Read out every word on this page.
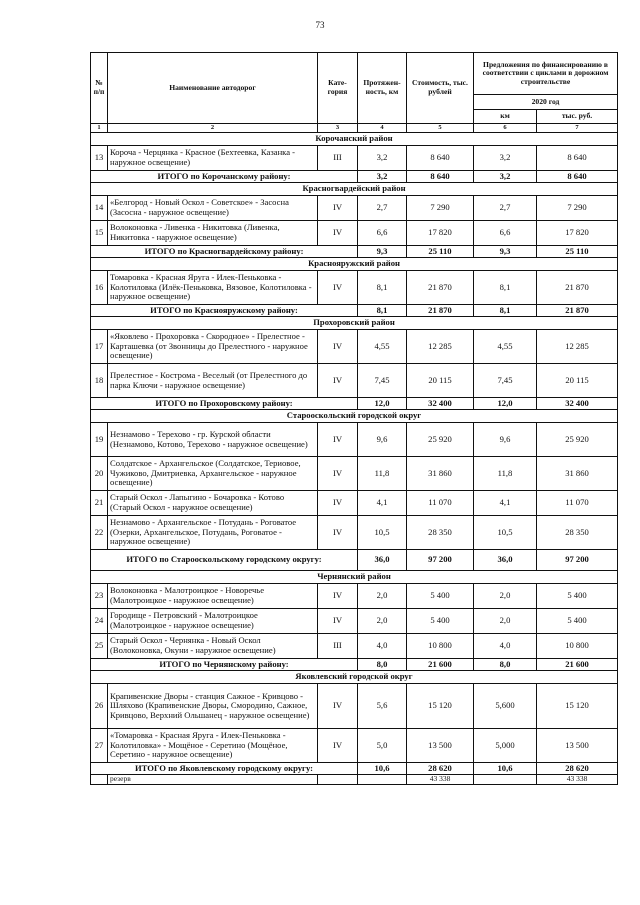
73
№ п/п	Наименование автодорог	Кате-гория	Протяжен-ность, км	Стоимость, тыс. рублей	Предложения по финансированию в соответствии с циклами в дорожном строительстве	
					2020 год	
					км	тыс. руб.
1	2	3	4	5	6	7
Корочанский район						
13	Короча - Черцянка - Красное (Бехтеевка, Казанка - наружное освещение)	III	3,2	8 640	3,2	8 640
ИТОГО по Корочанскому району:			3,2	8 640	3,2	8 640
Красногвардейский район						
14	«Белгород - Новый Оскол - Советское» - Засосна (Засосна - наружное освещение)	IV	2,7	7 290	2,7	7 290
15	Волоконовка - Ливенка - Никитовка (Ливенка, Никитовка - наружное освещение)	IV	6,6	17 820	6,6	17 820
ИТОГО по Красногвардейскому району:			9,3	25 110	9,3	25 110
Краснояружский район						
16	Томаровка - Красная Яруга - Илек-Пеньковка - Колотиловка (Илёк-Пеньковка, Вязовое, Колотиловка - наружное освещение)	IV	8,1	21 870	8,1	21 870
ИТОГО по Краснояружскому району:			8,1	21 870	8,1	21 870
Прохоровский район						
17	«Яковлево - Прохоровка - Скородное» - Прелестное - Карташевка (от Звонницы до Прелестного - наружное освещение)	IV	4,55	12 285	4,55	12 285
18	Прелестное - Кострома - Веселый (от Прелестного до парка Ключи - наружное освещение)	IV	7,45	20 115	7,45	20 115
ИТОГО по Прохоровскому району:			12,0	32 400	12,0	32 400
Старооскольский городской округ						
19	Незнамово - Терехово - гр. Курской области (Незнамово, Котово, Терехово - наружное освещение)	IV	9,6	25 920	9,6	25 920
20	Солдатское - Архангельское (Солдатское, Териовое, Чужиково, Дмитриевка, Архангельское - наружное освещение)	IV	11,8	31 860	11,8	31 860
21	Старый Оскол - Лапыгино - Бочаровка - Котово (Старый Оскол - наружное освещение)	IV	4,1	11 070	4,1	11 070
22	Незнамово - Архангельское - Потудань - Роговатое (Озерки, Архангельское, Потудань, Роговатое - наружное освещение)	IV	10,5	28 350	10,5	28 350
ИТОГО по Старооскольскому городскому округу:			36,0	97 200	36,0	97 200
Чернянский район						
23	Волоконовка - Малотроицкое - Новоречье (Малотроицкое - наружное освещение)	IV	2,0	5 400	2,0	5 400
24	Городище - Петровский - Малотроицкое (Малотроицкое - наружное освещение)	IV	2,0	5 400	2,0	5 400
25	Старый Оскол - Чернянка - Новый Оскол (Волоконовка, Окуни - наружное освещение)	III	4,0	10 800	4,0	10 800
ИТОГО по Чернянскому району:			8,0	21 600	8,0	21 600
Яковлевский городской округ						
26	Крапивенские Дворы - станция Сажное - Кривцово - Шляхово (Крапивенские Дворы, Смородино, Сажное, Кривцово, Верхний Ольшанец - наружное освещение)	IV	5,6	15 120	5,600	15 120
27	«Томаровка - Красная Яруга - Илек-Пеньковка - Колотиловка» - Мощёное - Серетино (Мощёное, Серетино - наружное освещение)	IV	5,0	13 500	5,000	13 500
ИТОГО по Яковлевскому городскому округу:			10,6	28 620	10,6	28 620
	резерв			43 338		43 338
